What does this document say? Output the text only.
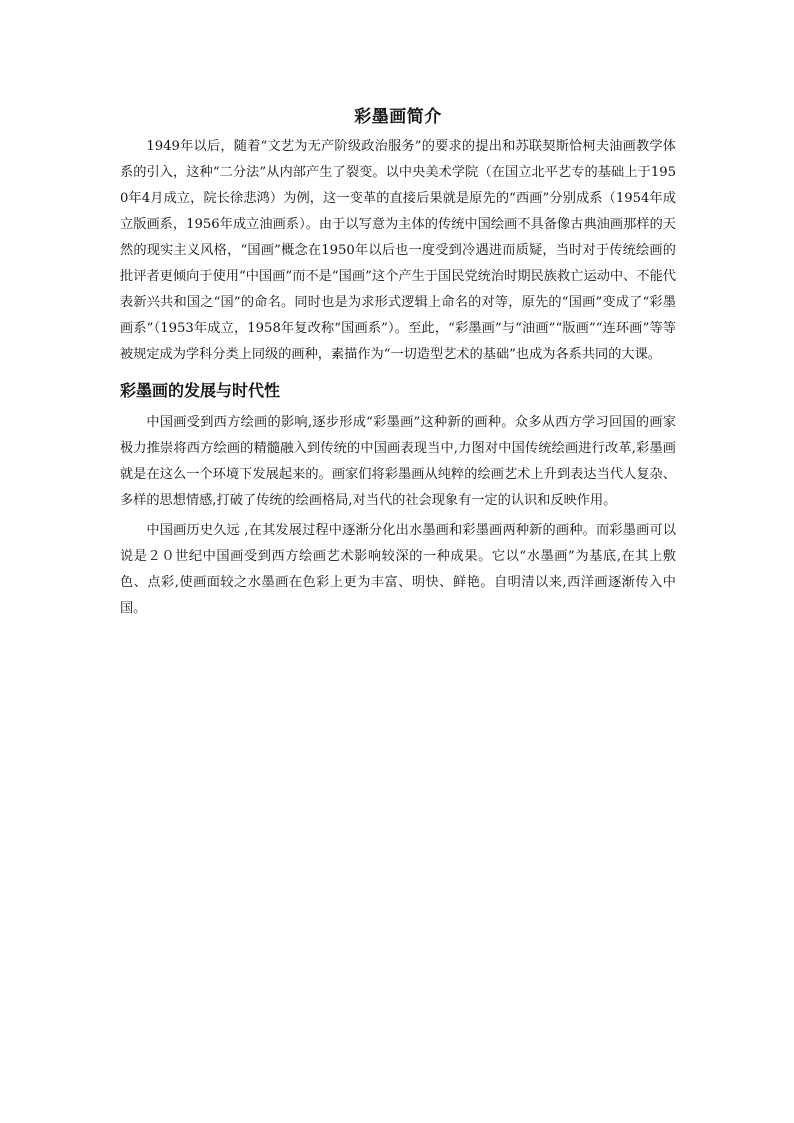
彩墨画简介

1949年以后，随着“文艺为无产阶级政治服务”的要求的提出和苏联契斯恰柯夫油画教学体系的引入，这种“二分法”从内部产生了裂变。以中央美术学院（在国立北平艺专的基础上于1950年4月成立，院长徐悲鸿）为例，这一变革的直接后果就是原先的“西画”分别成系（1954年成立版画系，1956年成立油画系）。由于以写意为主体的传统中国绘画不具备像古典油画那样的天然的现实主义风格，“国画”概念在1950年以后也一度受到冷遇进而质疑，当时对于传统绘画的批评者更倾向于使用“中国画”而不是“国画”这个产生于国民党统治时期民族救亡运动中、不能代表新兴共和国之“国”的命名。同时也是为求形式逻辑上命名的对等，原先的“国画”变成了“彩墨画系”（1953年成立，1958年复改称“国画系”）。至此，“彩墨画”与“油画”“版画”“连环画”等等被规定成为学科分类上同级的画种，素描作为“一切造型艺术的基础”也成为各系共同的大课。

彩墨画的发展与时代性

中国画受到西方绘画的影响,逐步形成“彩墨画”这种新的画种。众多从西方学习回国的画家极力推崇将西方绘画的精髓融入到传统的中国画表现当中,力图对中国传统绘画进行改革,彩墨画就是在这么一个环境下发展起来的。画家们将彩墨画从纯粹的绘画艺术上升到表达当代人复杂、多样的思想情感,打破了传统的绘画格局,对当代的社会现象有一定的认识和反映作用。

中国画历史久远 ,在其发展过程中逐渐分化出水墨画和彩墨画两种新的画种。而彩墨画可以说是２０世纪中国画受到西方绘画艺术影响较深的一种成果。它以“水墨画”为基底,在其上敷色、点彩,使画面较之水墨画在色彩上更为丰富、明快、鲜艳。自明清以来,西洋画逐渐传入中国。
